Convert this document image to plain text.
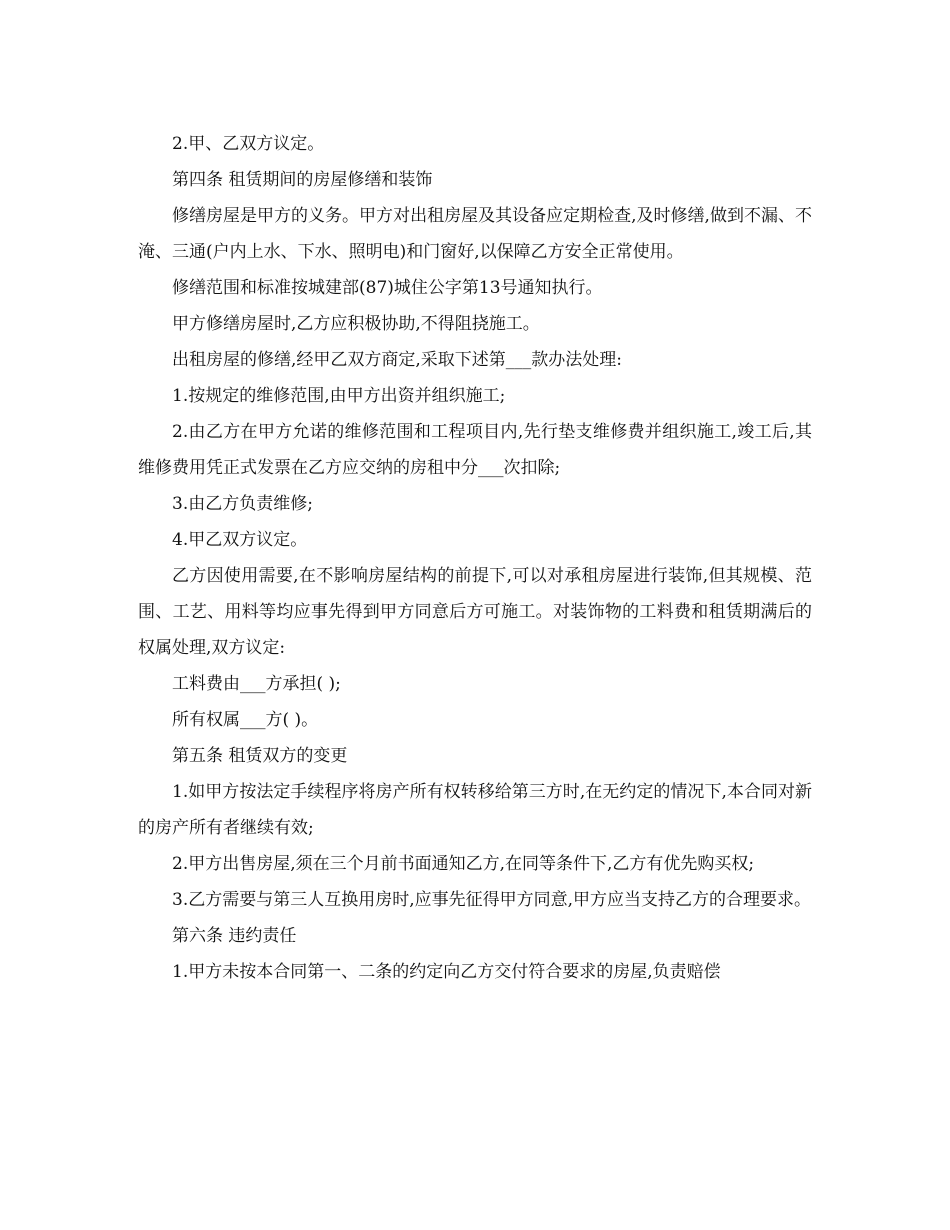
2.甲、乙双方议定。

第四条 租赁期间的房屋修缮和装饰

修缮房屋是甲方的义务。甲方对出租房屋及其设备应定期检查,及时修缮,做到不漏、不淹、三通(户内上水、下水、照明电)和门窗好,以保障乙方安全正常使用。

修缮范围和标准按城建部(87)城住公字第13号通知执行。

甲方修缮房屋时,乙方应积极协助,不得阻挠施工。

出租房屋的修缮,经甲乙双方商定,采取下述第___款办法处理:

1.按规定的维修范围,由甲方出资并组织施工;

2.由乙方在甲方允诺的维修范围和工程项目内,先行垫支维修费并组织施工,竣工后,其维修费用凭正式发票在乙方应交纳的房租中分___次扣除;

3.由乙方负责维修;

4.甲乙双方议定。

乙方因使用需要,在不影响房屋结构的前提下,可以对承租房屋进行装饰,但其规模、范围、工艺、用料等均应事先得到甲方同意后方可施工。对装饰物的工料费和租赁期满后的权属处理,双方议定:

工料费由___方承担( );

所有权属___方( )。

第五条 租赁双方的变更

1.如甲方按法定手续程序将房产所有权转移给第三方时,在无约定的情况下,本合同对新的房产所有者继续有效;

2.甲方出售房屋,须在三个月前书面通知乙方,在同等条件下,乙方有优先购买权;

3.乙方需要与第三人互换用房时,应事先征得甲方同意,甲方应当支持乙方的合理要求。

第六条 违约责任

1.甲方未按本合同第一、二条的约定向乙方交付符合要求的房屋,负责赔偿
